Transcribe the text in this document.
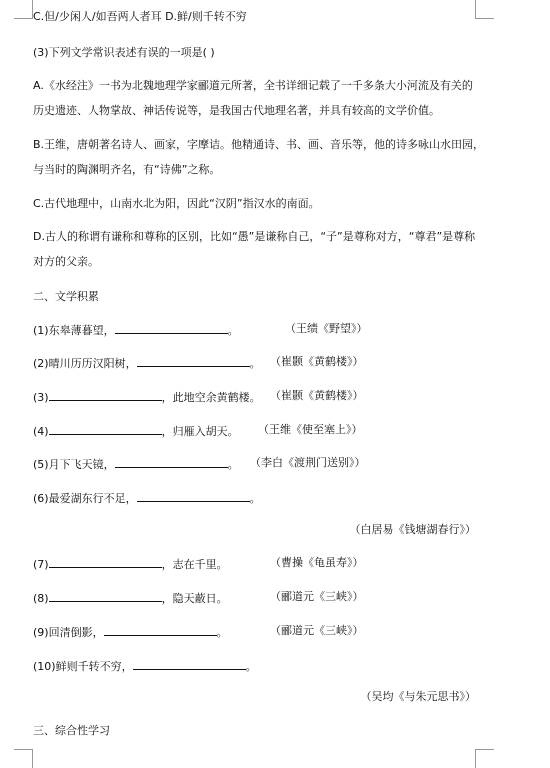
C.但/少闲人/如吾两人者耳 D.鲜/则千转不穷
(3)下列文学常识表述有误的一项是( )
A.《水经注》一书为北魏地理学家郦道元所著，全书详细记载了一千多条大小河流及有关的
历史遗迹、人物掌故、神话传说等，是我国古代地理名著，并具有较高的文学价值。
B.王维，唐朝著名诗人、画家，字摩诘。他精通诗、书、画、音乐等，他的诗多咏山水田园，
与当时的陶渊明齐名，有“诗佛”之称。
C.古代地理中，山南水北为阳，因此“汉阴”指汉水的南面。
D.古人的称谓有谦称和尊称的区别，比如“愚”是谦称自己，“子”是尊称对方，“尊君”是尊称
对方的父亲。
二、文学积累
(1)东皋薄暮望，	。	（王绩《野望》）
(2)晴川历历汉阳树，	。 （崔颢《黄鹤楼》）
(3)	，此地空余黄鹤楼。 （崔颢《黄鹤楼》）
(4)	，归雁入胡天。 （王维《使至塞上》）
(5)月下飞天镜，	。 （李白《渡荆门送别》）
(6)最爱湖东行不足，	。
（白居易《钱塘湖春行》）
(7)	，志在千里。	（曹操《龟虽寿》）
(8)	，隐天蔽日。	（郦道元《三峡》）
(9)回清倒影，	。	（郦道元《三峡》）
(10)鲜则千转不穷，	。
（吴均《与朱元思书》）
三、综合性学习
